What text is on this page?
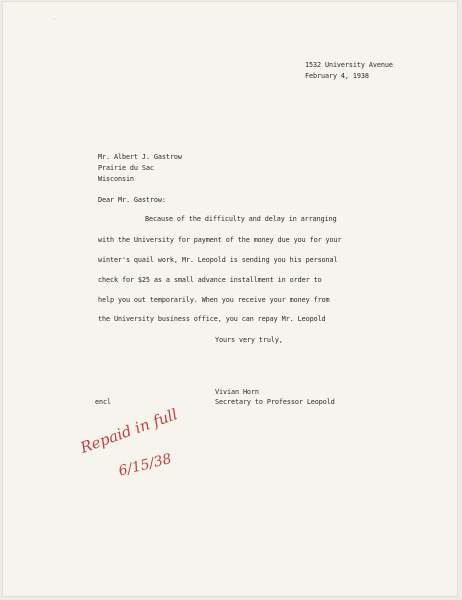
~
1532 University Avenue
February 4, 1938
Mr. Albert J. Gastrow
Prairie du Sac
Wisconsin
Dear Mr. Gastrow:
Because of the difficulty and delay in arranging
with the University for payment of the money due you for your
winter's quail work, Mr. Leopold is sending you his personal
check for $25 as a small advance installment in order to
help you out temporarily. When you receive your money from
the University business office, you can repay Mr. Leopold
Yours very truly,
Vivian Horn
encl	Secretary to Professor Leopold
Repaid in full
6/15/38
